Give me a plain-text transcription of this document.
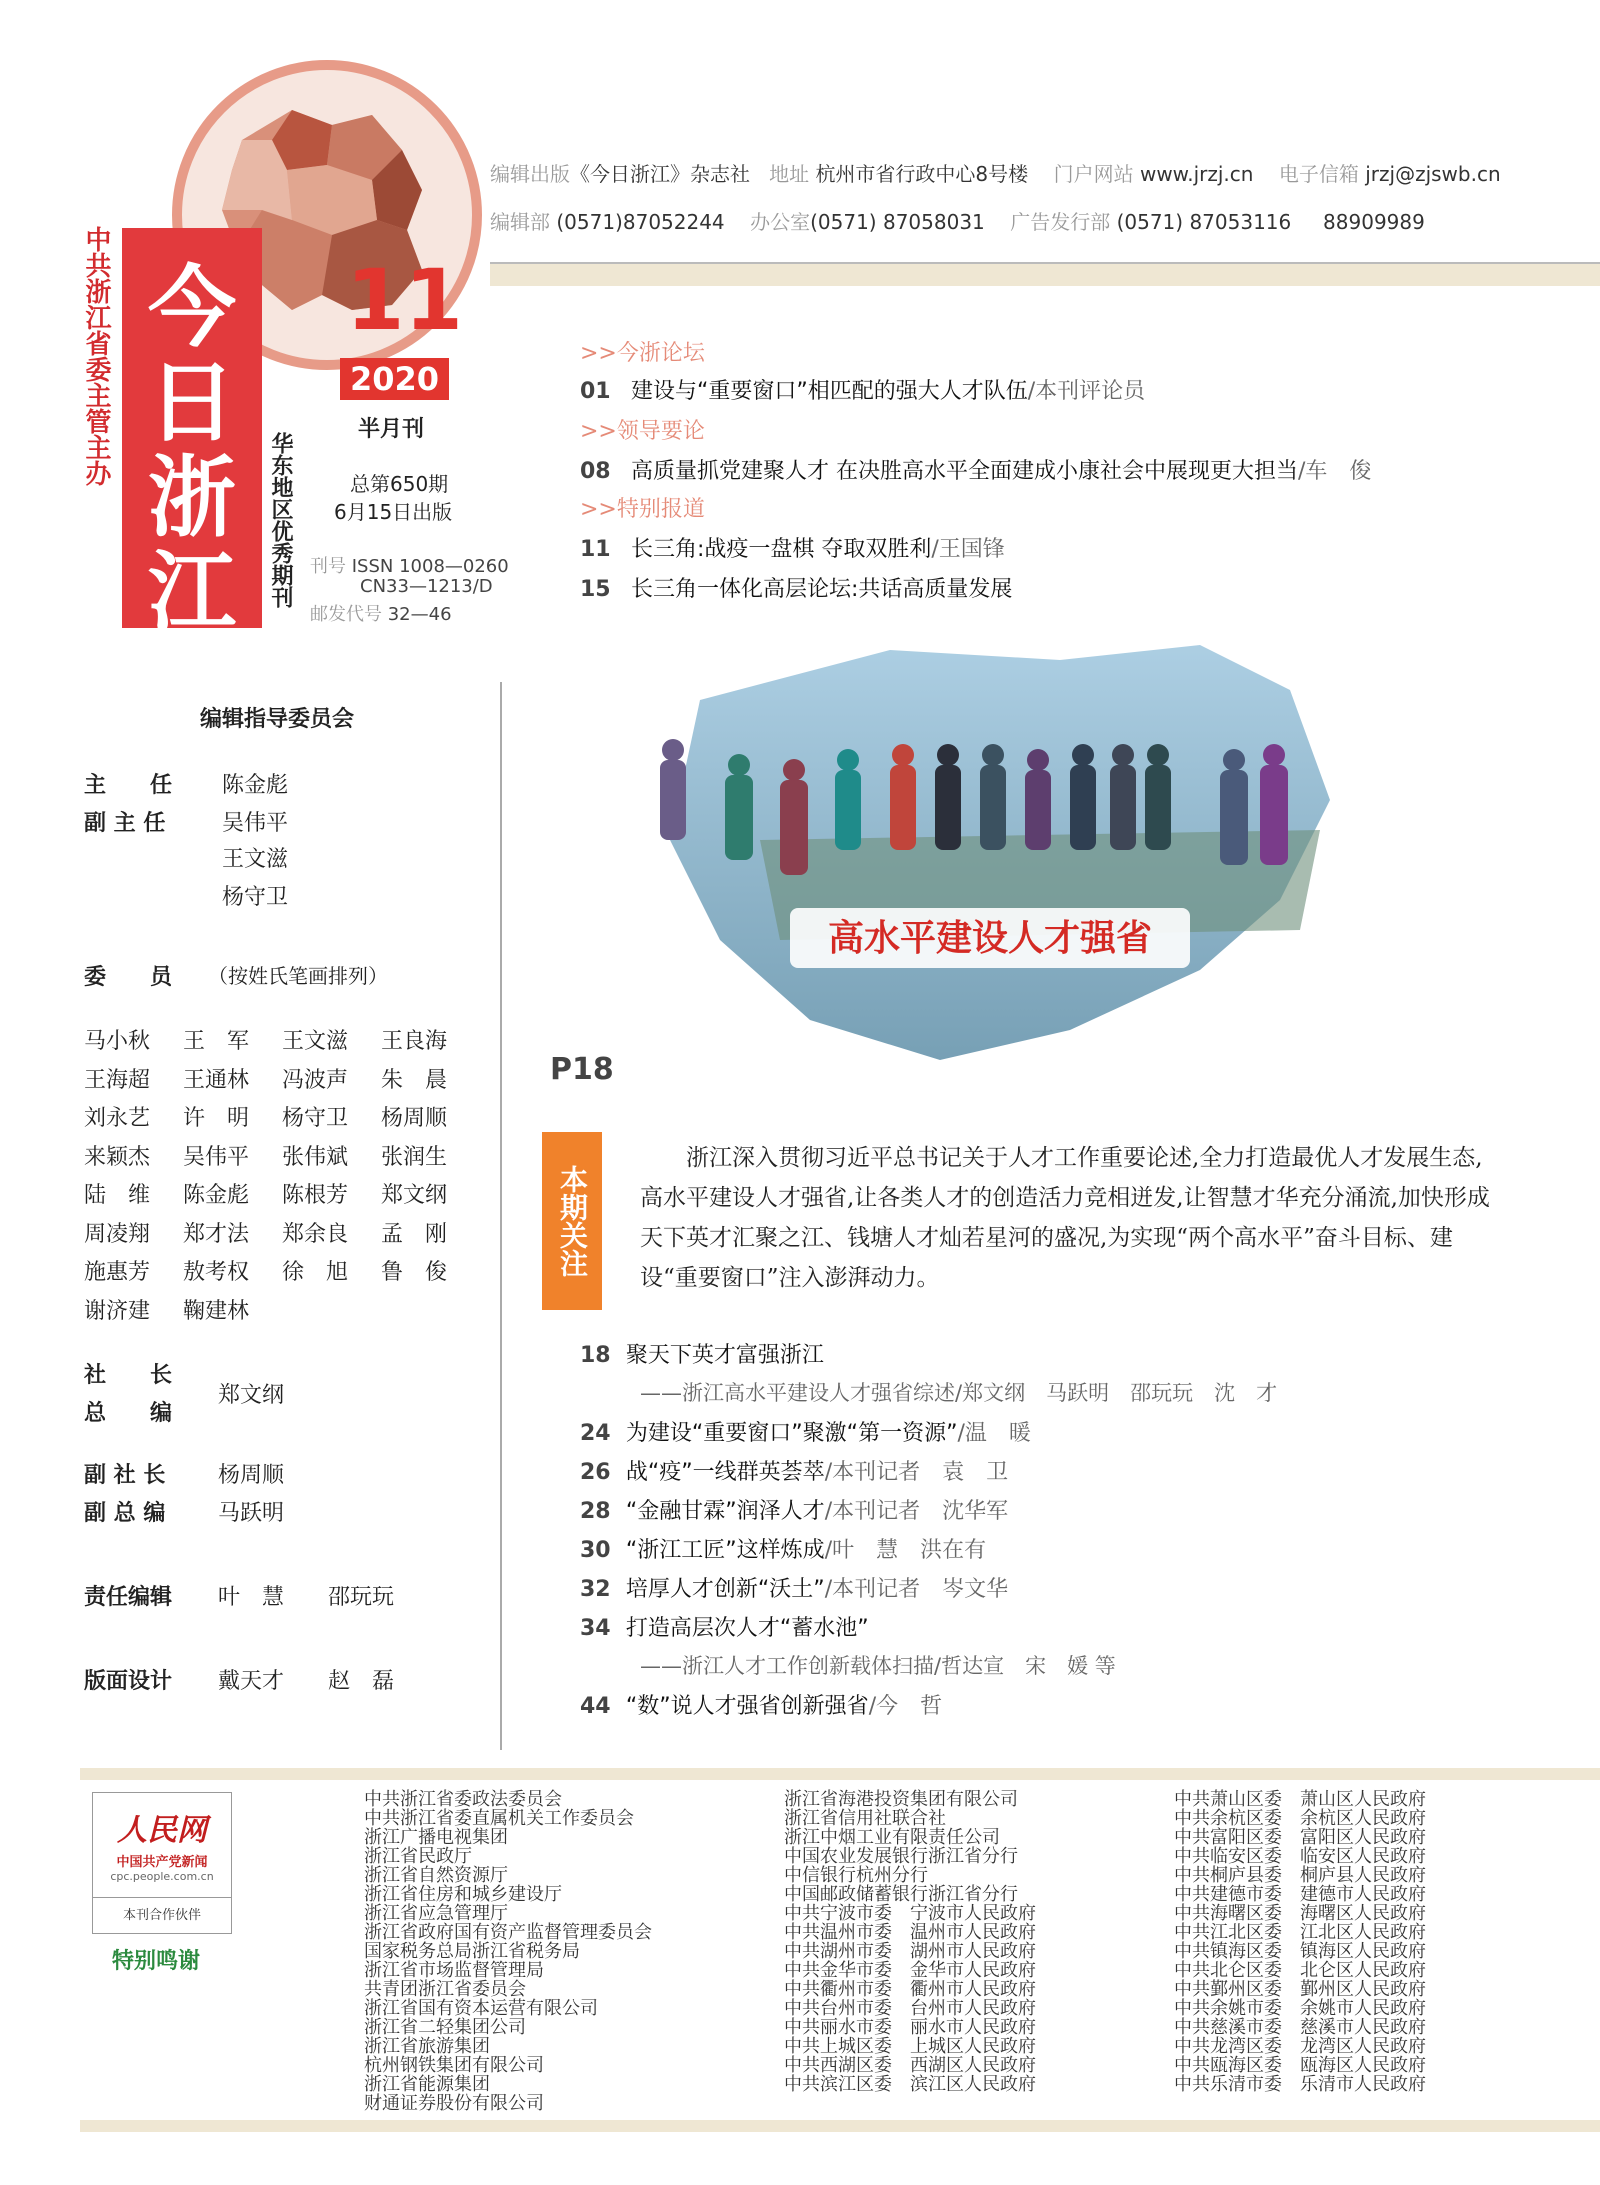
中共浙江省委主管主办 今
日
浙
江
11
2020
半月刊
华东地区优秀期刊	总第650期
6月15日出版
刊号 ISSN 1008—0260
CN33—1213/D
邮发代号 32—46
编辑出版《今日浙江》杂志社 地址 杭州市省行政中心8号楼 门户网站 www.jrzj.cn 电子信箱 jrzj@zjswb.cn
编辑部 (0571)87052244 办公室(0571) 87058031 广告发行部 (0571) 87053116 88909989
>>今浙论坛
01 建设与“重要窗口”相匹配的强大人才队伍/本刊评论员
>>领导要论
08 高质量抓党建聚人才 在决胜高水平全面建成小康社会中展现更大担当/车　俊
>>特别报道
11 长三角:战疫一盘棋 夺取双胜利/王国锋
15 长三角一体化高层论坛:共话高质量发展
高水平建设人才强省
编辑指导委员会
主　　任 陈金彪
副 主 任	吴伟平
王文滋
杨守卫
委　　员 （按姓氏笔画排列）
马小秋 王　军 王文滋 王良海
王海超 王通林 冯波声 朱　晨
刘永艺 许　明 杨守卫 杨周顺
来颖杰 吴伟平 张伟斌 张润生
陆　维 陈金彪 陈根芳 郑文纲
周凌翔 郑才法 郑余良 孟　刚
施惠芳 敖考权 徐　旭 鲁　俊
谢济建 鞠建林
社　　长
总　　编
郑文纲
副 社 长 杨周顺
副 总 编 马跃明
责任编辑 叶　慧　　邵玩玩
版面设计 戴天才　　赵　磊
P18
本期关注
浙江深入贯彻习近平总书记关于人才工作重要论述,全力打造最优人才发展生态,高水平建设人才强省,让各类人才的创造活力竞相迸发,让智慧才华充分涌流,加快形成天下英才汇聚之江、钱塘人才灿若星河的盛况,为实现“两个高水平”奋斗目标、建设“重要窗口”注入澎湃动力。
18 聚天下英才富强浙江
——浙江高水平建设人才强省综述/郑文纲　马跃明　邵玩玩　沈　才
24 为建设“重要窗口”聚激“第一资源”/温　暖
26 战“疫”一线群英荟萃/本刊记者　袁　卫
28 “金融甘霖”润泽人才/本刊记者　沈华军
30 “浙江工匠”这样炼成/叶　慧　洪在有
32 培厚人才创新“沃土”/本刊记者　岑文华
34 打造高层次人才“蓄水池”
——浙江人才工作创新载体扫描/哲达宣　宋　媛 等
44 “数”说人才强省创新强省/今　哲
人民网
中国共产党新闻
cpc.people.com.cn
本刊合作伙伴
特别鸣谢
中共浙江省委政法委员会
中共浙江省委直属机关工作委员会
浙江广播电视集团
浙江省民政厅
浙江省自然资源厅
浙江省住房和城乡建设厅
浙江省应急管理厅
浙江省政府国有资产监督管理委员会
国家税务总局浙江省税务局
浙江省市场监督管理局
共青团浙江省委员会
浙江省国有资本运营有限公司
浙江省二轻集团公司
浙江省旅游集团
杭州钢铁集团有限公司
浙江省能源集团
财通证券股份有限公司
浙江省海港投资集团有限公司
浙江省信用社联合社
浙江中烟工业有限责任公司
中国农业发展银行浙江省分行
中信银行杭州分行
中国邮政储蓄银行浙江省分行
中共宁波市委　宁波市人民政府
中共温州市委　温州市人民政府
中共湖州市委　湖州市人民政府
中共金华市委　金华市人民政府
中共衢州市委　衢州市人民政府
中共台州市委　台州市人民政府
中共丽水市委　丽水市人民政府
中共上城区委　上城区人民政府
中共西湖区委　西湖区人民政府
中共滨江区委　滨江区人民政府
中共萧山区委　萧山区人民政府
中共余杭区委　余杭区人民政府
中共富阳区委　富阳区人民政府
中共临安区委　临安区人民政府
中共桐庐县委　桐庐县人民政府
中共建德市委　建德市人民政府
中共海曙区委　海曙区人民政府
中共江北区委　江北区人民政府
中共镇海区委　镇海区人民政府
中共北仑区委　北仑区人民政府
中共鄞州区委　鄞州区人民政府
中共余姚市委　余姚市人民政府
中共慈溪市委　慈溪市人民政府
中共龙湾区委　龙湾区人民政府
中共瓯海区委　瓯海区人民政府
中共乐清市委　乐清市人民政府
